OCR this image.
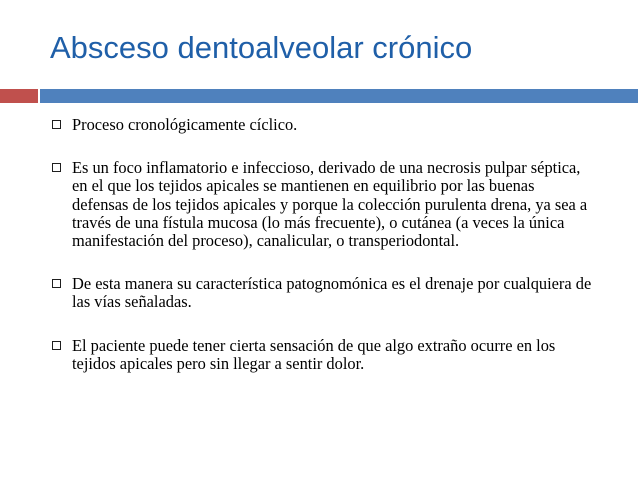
Absceso dentoalveolar crónico
Proceso cronológicamente cíclico.
Es un foco inflamatorio e infeccioso, derivado de una necrosis pulpar séptica, en el que los tejidos apicales se mantienen en equilibrio por las buenas defensas de los tejidos apicales y porque la colección purulenta drena, ya sea a través de una fístula mucosa (lo más frecuente), o cutánea (a veces la única manifestación del proceso), canalicular, o transperiodontal.
De esta manera su característica patognomónica es el drenaje por cualquiera de las vías señaladas.
El paciente puede tener cierta sensación de que algo extraño ocurre en los tejidos apicales pero sin llegar a sentir dolor.
